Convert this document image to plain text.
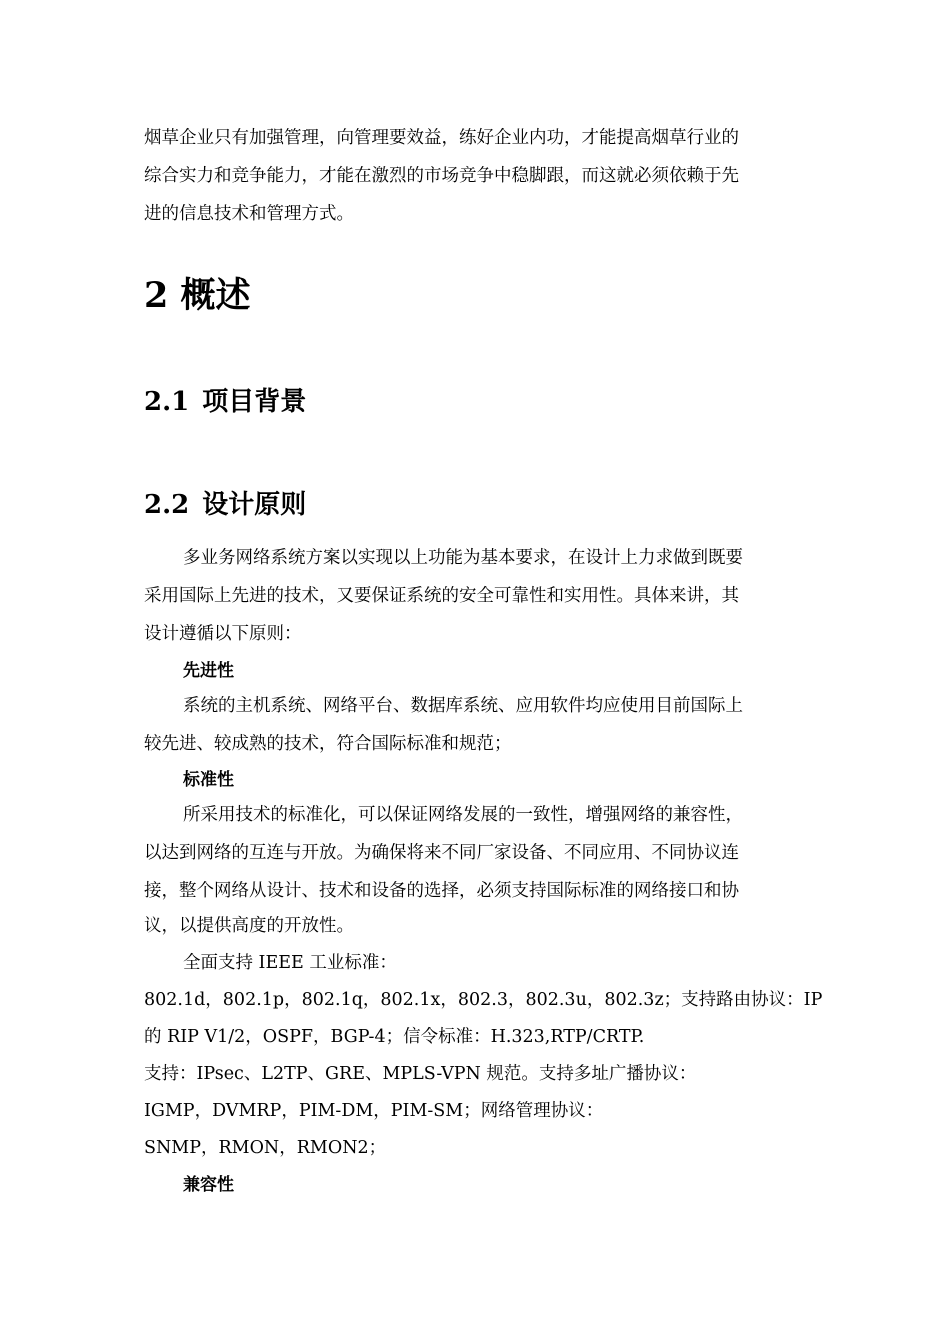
烟草企业只有加强管理，向管理要效益，练好企业内功，才能提高烟草行业的
综合实力和竞争能力，才能在激烈的市场竞争中稳脚跟，而这就必须依赖于先
进的信息技术和管理方式。
2 概述
2.1 项目背景
2.2 设计原则
多业务网络系统方案以实现以上功能为基本要求，在设计上力求做到既要
采用国际上先进的技术，又要保证系统的安全可靠性和实用性。具体来讲，其
设计遵循以下原则：
先进性
系统的主机系统、网络平台、数据库系统、应用软件均应使用目前国际上
较先进、较成熟的技术，符合国际标准和规范；
标准性
所采用技术的标准化，可以保证网络发展的一致性，增强网络的兼容性，
以达到网络的互连与开放。为确保将来不同厂家设备、不同应用、不同协议连
接，整个网络从设计、技术和设备的选择，必须支持国际标准的网络接口和协
议，以提供高度的开放性。
全面支持 IEEE 工业标准：
802.1d，802.1p，802.1q，802.1x，802.3，802.3u，802.3z；支持路由协议：IP
的 RIP V1/2，OSPF，BGP-4；信令标准：H.323,RTP/CRTP.
支持：IPsec、L2TP、GRE、MPLS-VPN 规范。支持多址广播协议：
IGMP，DVMRP，PIM-DM，PIM-SM；网络管理协议：
SNMP，RMON，RMON2；
兼容性
